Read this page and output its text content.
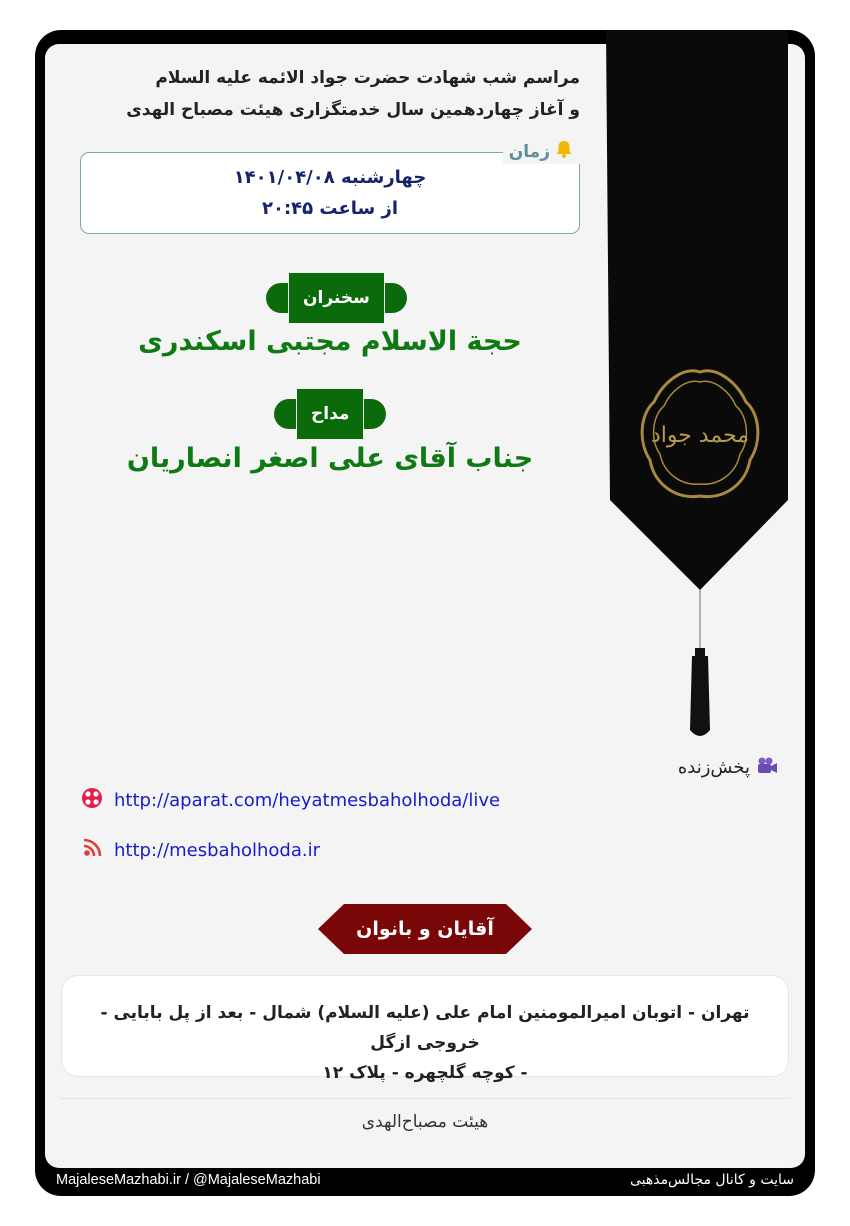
مراسم شب شهادت حضرت جواد الائمه علیه السلام
و آغاز چهاردهمین سال خدمتگزاری هیئت مصباح الهدی
زمان
چهارشنبه ۱۴۰۱/۰۴/۰۸
از ساعت ۲۰:۴۵
سخنران
حجة الاسلام مجتبی اسکندری
مداح
جناب آقای علی اصغر انصاریان
محمد جواد
پخش‌زنده
http://aparat.com/heyatmesbaholhoda/live
http://mesbaholhoda.ir
آقایان و بانوان
تهران - اتوبان امیرالمومنین امام علی (علیه السلام) شمال - بعد از پل بابایی - خروجی ازگل
- کوچه گلچهره - پلاک ۱۲
هیئت مصباح‌الهدی
MajaleseMazhabi.ir / @MajaleseMazhabi	سایت و کانال مجالس‌مذهبی
